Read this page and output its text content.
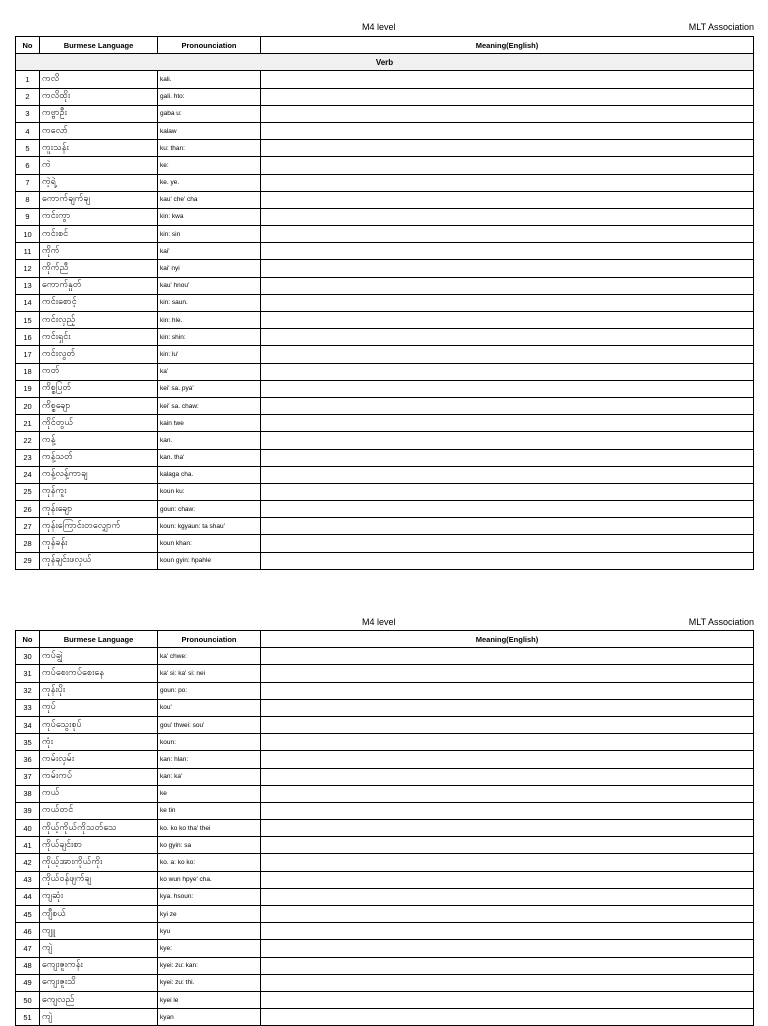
M4 level	MLT Association
No	Burmese Language	Pronounciation	Meaning(English)
Verb			
1	ကလိ	kali.	
2	ကလိထိုး	gali. hto:	
3	ကဗ္ဗာဦး	gaba u:	
4	ကလော်	kalaw	
5	ကူးသန်း	ku: than:	
6	ကဲ	ke:	
7	ကဲ့ရဲ့	ke. ye.	
8	ကောက်ချက်ချ	kau' che' cha	
9	ကင်းကွာ	kin: kwa	
10	ကင်းစင်	kin: sin	
11	ကိုက်	kai'	
12	ကိုက်ညီ	kai' nyi	
13	ကောက်နှုတ်	kau' hnou'	
14	ကင်းစောင့်	kin: saun.	
15	ကင်းလှည့်	kin: hle.	
16	ကင်းရှင်း	kin: shin:	
17	ကင်းလွတ်	kin: lu'	
18	ကတ်	ka'	
19	ကိစ္စပြတ်	kei' sa. pya'	
20	ကိစ္စချော	kei' sa. chaw:	
21	ကိုင်တွယ်	kain twe	
22	ကန့်	kan.	
23	ကန့်သတ်	kan. tha'	
24	ကန့်လန့်ကာချ	kalaga cha.	
25	ကုန်ကူး	koun ku:	
26	ကုန်းချော	goun: chaw:	
27	ကုန်းကြောင်းတလျှောက်	koun: kgyaun: ta shau'	
28	ကုန်ခန်း	koun khan:	
29	ကုန်ချင်းဖလှယ်	koun gyin: hpahle	
M4 level	MLT Association
No	Burmese Language	Pronounciation	Meaning(English)
30	ကပ်ချွဲ	ka' chwe:	
31	ကပ်စေးကပ်စေးနေ	ka' si: ka' si: nei	
32	ကုန်းပိုး	goun: po:	
33	ကုပ်	kou'	
34	ကုပ်သွေးစုပ်	gou' thwei: sou'	
35	ကုံး	koun:	
36	ကမ်းလှမ်း	kan: hlan:	
37	ကမ်းကပ်	kan: ka'	
38	ကယ်	ke	
39	ကယ်တင်	ke tin	
40	ကိုယ့်ကိုယ်ကိုသတ်သေ	ko. ko ko tha' thei	
41	ကိုယ်ချင်းစာ	ko gyin: sa	
42	ကိုယ့်အားကိုယ်ကိုး	ko. a: ko ko:	
43	ကိုယ်ဝန်ဖျက်ချ	ko wun hpye' cha.	
44	ကျဆုံး	kya. hsoun:	
45	ကျီစယ်	kyi ze	
46	ကျူ	kyu	
47	ကျဲ	kye:	
48	ကျေးဇူးကန်း	kyei: zu: kan:	
49	ကျေးဇူးသိ	kyei: zu: thi.	
50	ကျေလည်	kyei le	
51	ကျဲ	kyan	
